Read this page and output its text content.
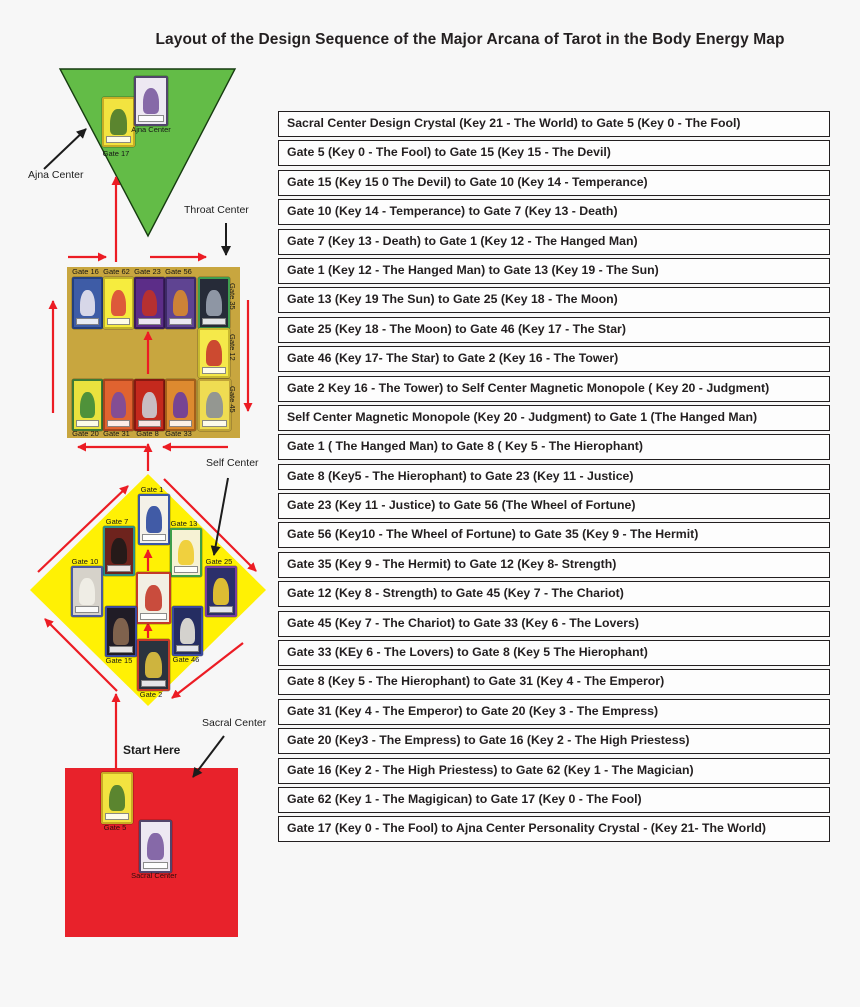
Layout of the Design Sequence of the Major Arcana of Tarot in the Body Energy Map
Gate 17
Ajna Center
Ajna Center
Throat Center
Self Center
Sacral Center
Start Here
Gate 16 Gate 62 Gate 23 Gate 56
Gate 35
Gate 12
Gate 45
Gate 20 Gate 31 Gate 8 Gate 33
Gate 1
Gate 7	Gate 13
Gate 10	Gate 25
Gate 15	Gate 46
Gate 2
Gate 5
Sacral Center
Sacral Center Design Crystal (Key 21 - The World) to Gate 5 (Key 0 - The Fool)
Gate 5 (Key 0 - The Fool) to Gate 15 (Key 15 - The Devil)
Gate 15 (Key 15 0 The Devil) to Gate 10 (Key 14 - Temperance)
Gate 10 (Key 14 - Temperance) to Gate 7 (Key 13 - Death)
Gate 7 (Key 13 - Death) to Gate 1 (Key 12 - The Hanged Man)
Gate 1 (Key 12 - The Hanged Man) to Gate 13 (Key 19 - The Sun)
Gate 13 (Key 19 The Sun) to Gate 25 (Key 18 - The Moon)
Gate 25 (Key 18 - The Moon) to Gate 46 (Key 17 - The Star)
Gate 46 (Key 17- The Star) to Gate 2 (Key 16 - The Tower)
Gate 2 Key 16 - The Tower) to Self Center Magnetic Monopole ( Key 20 - Judgment)
Self Center Magnetic Monopole (Key 20 - Judgment) to Gate 1 (The Hanged Man)
Gate 1 ( The Hanged Man) to Gate 8 ( Key 5 - The Hierophant)
Gate 8 (Key5 - The Hierophant) to Gate 23 (Key 11 - Justice)
Gate 23 (Key 11 - Justice) to Gate 56 (The Wheel of Fortune)
Gate 56 (Key10 - The Wheel of Fortune) to Gate 35 (Key 9 - The Hermit)
Gate 35 (Key 9 - The Hermit) to Gate 12 (Key 8- Strength)
Gate 12 (Key 8 - Strength) to Gate 45 (Key 7 - The Chariot)
Gate 45 (Key 7 - The Chariot) to Gate 33 (Key 6 - The Lovers)
Gate 33 (KEy 6 - The Lovers) to Gate 8 (Key 5 The Hierophant)
Gate 8 (Key 5 - The Hierophant) to Gate 31 (Key 4 - The Emperor)
Gate 31 (Key 4 - The Emperor) to Gate 20 (Key 3 - The Empress)
Gate 20 (Key3 - The Empress) to Gate 16 (Key 2 - The High Priestess)
Gate 16 (Key 2 - The High Priestess) to Gate 62 (Key 1 - The Magician)
Gate 62 (Key 1 - The Magigican) to Gate 17 (Key 0 - The Fool)
Gate 17 (Key 0 - The Fool) to Ajna Center Personality Crystal - (Key 21- The World)
